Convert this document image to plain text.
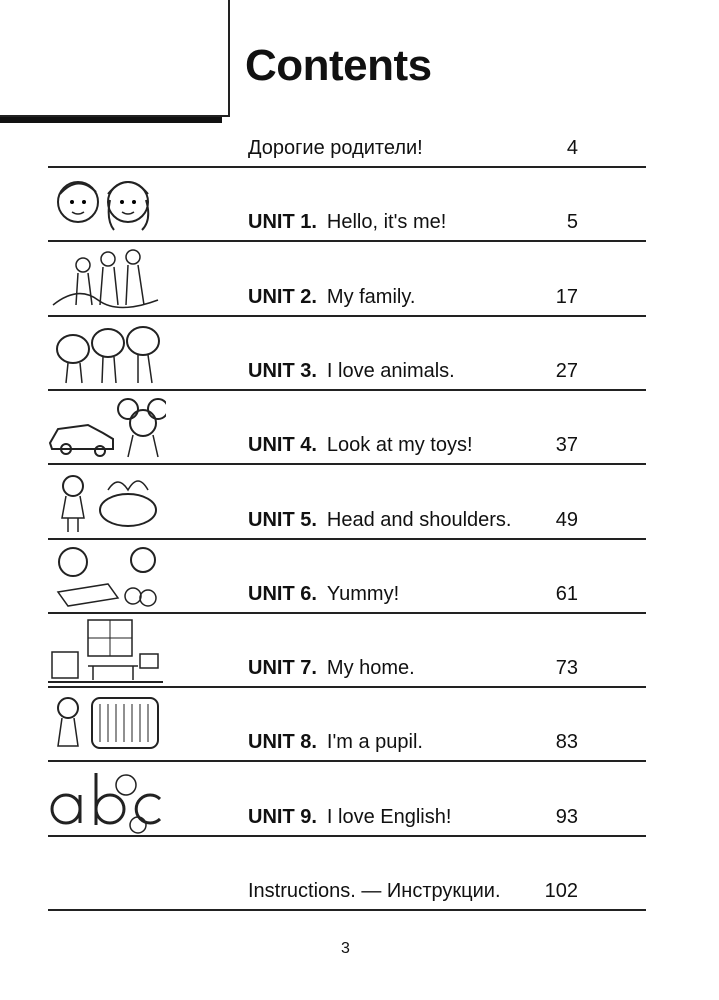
Contents
Дорогие родители!	4
UNIT 1. Hello, it's me!	5
UNIT 2. My family.	17
UNIT 3. I love animals.	27
UNIT 4. Look at my toys!	37
UNIT 5. Head and shoulders. 49
UNIT 6. Yummy!	61
UNIT 7. My home.	73
UNIT 8. I'm a pupil.	83
UNIT 9. I love English!	93
Instructions. — Инструкции. 102
3
